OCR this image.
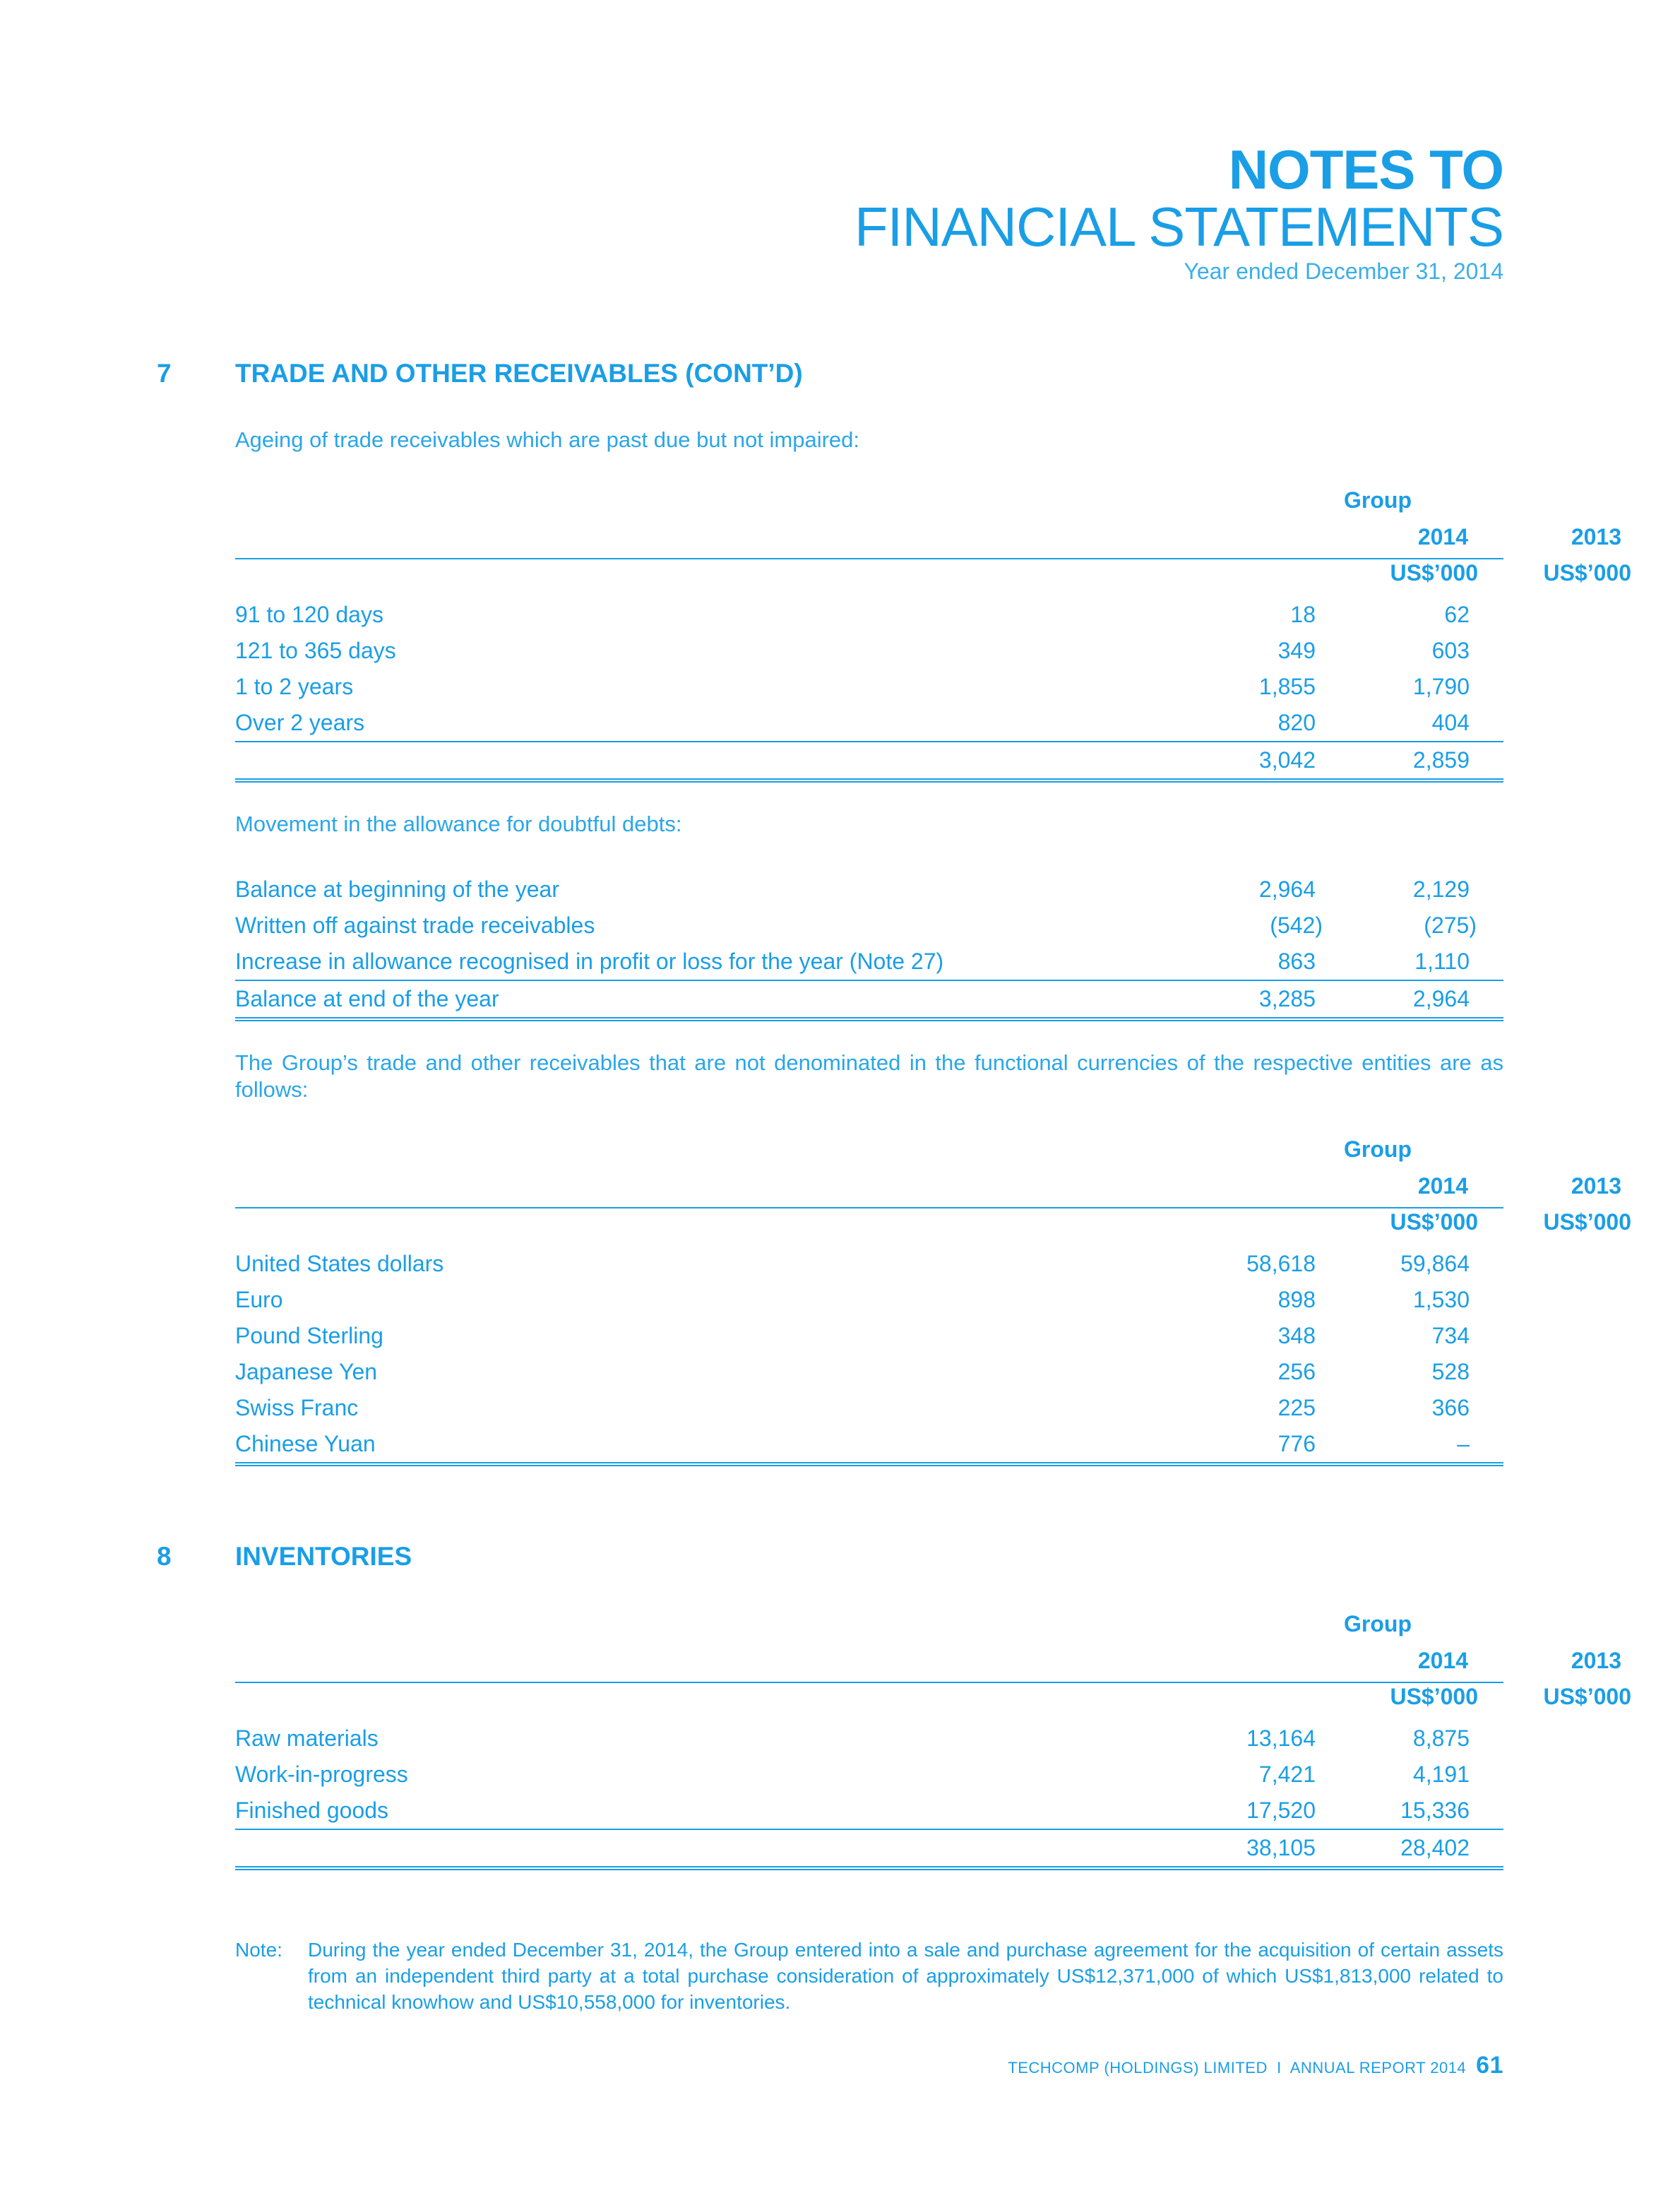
NOTES TO
FINANCIAL STATEMENTS
Year ended December 31, 2014
7 TRADE AND OTHER RECEIVABLES (CONT’D)
Ageing of trade receivables which are past due but not impaired:
Group
2014	2013
US$’000	US$’000
91 to 120 days	18	62
121 to 365 days	349	603
1 to 2 years	1,855	1,790
Over 2 years	820	404
3,042	2,859
Movement in the allowance for doubtful debts:
Balance at beginning of the year	2,964	2,129
Written off against trade receivables	(542)	(275)
Increase in allowance recognised in profit or loss for the year (Note 27)	863	1,110
Balance at end of the year	3,285	2,964
The Group’s trade and other receivables that are not denominated in the functional currencies of the respective entities are as follows:
Group
2014	2013
US$’000	US$’000
United States dollars	58,618	59,864
Euro	898	1,530
Pound Sterling	348	734
Japanese Yen	256	528
Swiss Franc	225	366
Chinese Yuan	776	–
8 INVENTORIES
Group
2014	2013
US$’000	US$’000
Raw materials	13,164	8,875
Work-in-progress	7,421	4,191
Finished goods	17,520	15,336
38,105	28,402
Note: During the year ended December 31, 2014, the Group entered into a sale and purchase agreement for the acquisition of certain assets from an independent third party at a total purchase consideration of approximately US$12,371,000 of which US$1,813,000 related to technical knowhow and US$10,558,000 for inventories.
TECHCOMP (HOLDINGS) LIMITED  I  ANNUAL REPORT 2014 61
